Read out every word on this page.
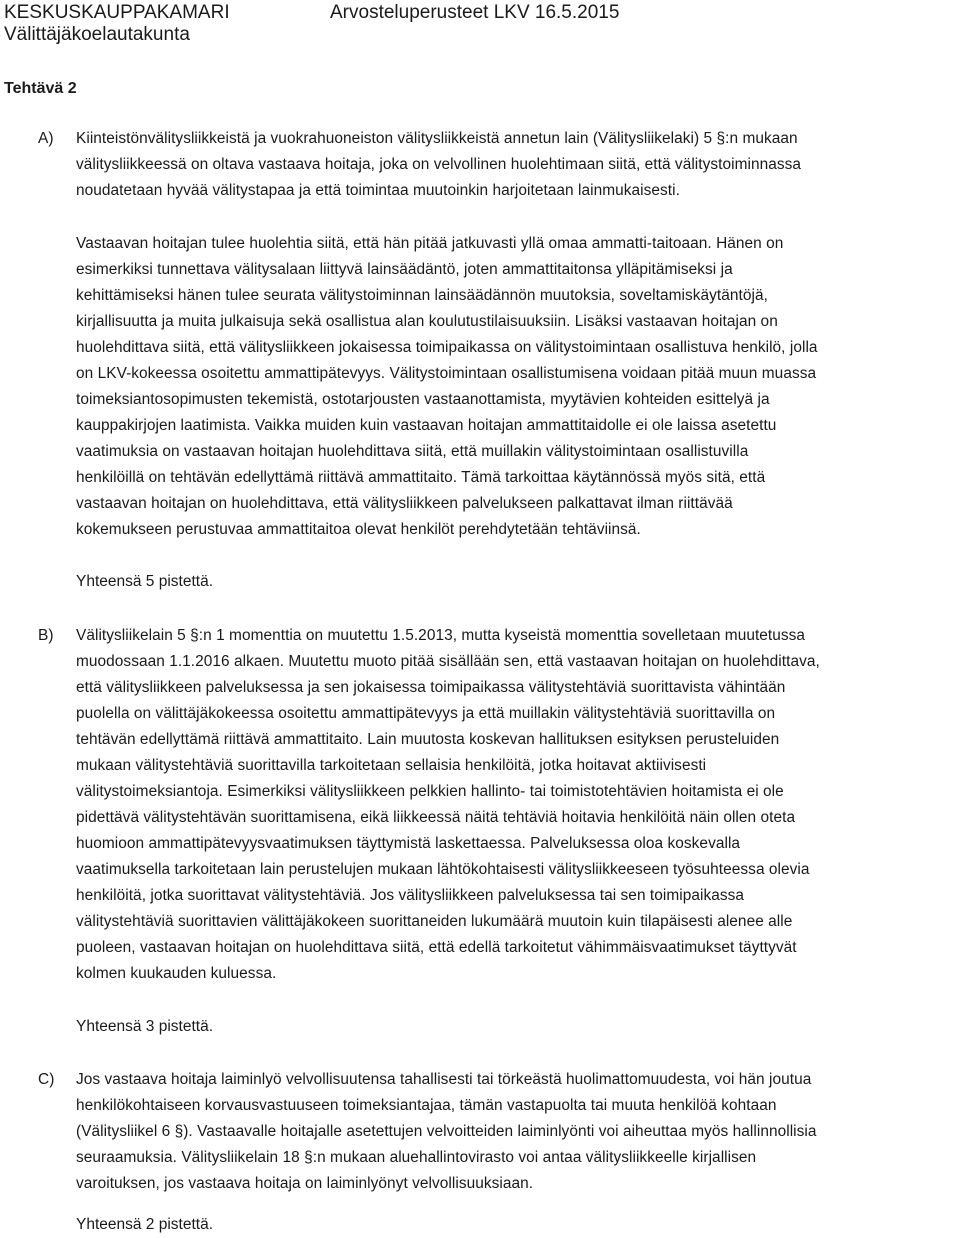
KESKUSKAUPPAKAMARI
Välittäjäkoelautakunta
Arvosteluperusteet LKV 16.5.2015
Tehtävä 2
A) Kiinteistönvälitysliikkeistä ja vuokrahuoneiston välitysliikkeistä annetun lain (Välitysliikelaki) 5 §:n mukaan
välitysliikkeessä on oltava vastaava hoitaja, joka on velvollinen huolehtimaan siitä, että välitystoiminnassa
noudatetaan hyvää välitystapaa ja että toimintaa muutoinkin harjoitetaan lainmukaisesti.
Vastaavan hoitajan tulee huolehtia siitä, että hän pitää jatkuvasti yllä omaa ammatti-taitoaan. Hänen on
esimerkiksi tunnettava välitysalaan liittyvä lainsäädäntö, joten ammattitaitonsa ylläpitämiseksi ja
kehittämiseksi hänen tulee seurata välitystoiminnan lainsäädännön muutoksia, soveltamiskäytäntöjä,
kirjallisuutta ja muita julkaisuja sekä osallistua alan koulutustilaisuuksiin. Lisäksi vastaavan hoitajan on
huolehdittava siitä, että välitysliikkeen jokaisessa toimipaikassa on välitystoimintaan osallistuva henkilö, jolla
on LKV-kokeessa osoitettu ammattipätevyys. Välitystoimintaan osallistumisena voidaan pitää muun muassa
toimeksiantosopimusten tekemistä, ostotarjousten vastaanottamista, myytävien kohteiden esittelyä ja
kauppakirjojen laatimista. Vaikka muiden kuin vastaavan hoitajan ammattitaidolle ei ole laissa asetettu
vaatimuksia on vastaavan hoitajan huolehdittava siitä, että muillakin välitystoimintaan osallistuvilla
henkilöillä on tehtävän edellyttämä riittävä ammattitaito. Tämä tarkoittaa käytännössä myös sitä, että
vastaavan hoitajan on huolehdittava, että välitysliikkeen palvelukseen palkattavat ilman riittävää
kokemukseen perustuvaa ammattitaitoa olevat henkilöt perehdytetään tehtäviinsä.
Yhteensä 5 pistettä.
B) Välitysliikelain 5 §:n 1 momenttia on muutettu 1.5.2013, mutta kyseistä momenttia sovelletaan muutetussa
muodossaan 1.1.2016 alkaen. Muutettu muoto pitää sisällään sen, että vastaavan hoitajan on huolehdittava,
että välitysliikkeen palveluksessa ja sen jokaisessa toimipaikassa välitystehtäviä suorittavista vähintään
puolella on välittäjäkokeessa osoitettu ammattipätevyys ja että muillakin välitystehtäviä suorittavilla on
tehtävän edellyttämä riittävä ammattitaito. Lain muutosta koskevan hallituksen esityksen perusteluiden
mukaan välitystehtäviä suorittavilla tarkoitetaan sellaisia henkilöitä, jotka hoitavat aktiivisesti
välitystoimeksiantoja. Esimerkiksi välitysliikkeen pelkkien hallinto- tai toimistotehtävien hoitamista ei ole
pidettävä välitystehtävän suorittamisena, eikä liikkeessä näitä tehtäviä hoitavia henkilöitä näin ollen oteta
huomioon ammattipätevyysvaatimuksen täyttymistä laskettaessa. Palveluksessa oloa koskevalla
vaatimuksella tarkoitetaan lain perustelujen mukaan lähtökohtaisesti välitysliikkeeseen työsuhteessa olevia
henkilöitä, jotka suorittavat välitystehtäviä. Jos välitysliikkeen palveluksessa tai sen toimipaikassa
välitystehtäviä suorittavien välittäjäkokeen suorittaneiden lukumäärä muutoin kuin tilapäisesti alenee alle
puoleen, vastaavan hoitajan on huolehdittava siitä, että edellä tarkoitetut vähimmäisvaatimukset täyttyvät
kolmen kuukauden kuluessa.
Yhteensä 3 pistettä.
C) Jos vastaava hoitaja laiminlyö velvollisuutensa tahallisesti tai törkeästä huolimattomuudesta, voi hän joutua
henkilökohtaiseen korvausvastuuseen toimeksiantajaa, tämän vastapuolta tai muuta henkilöä kohtaan
(Välitysliikel 6 §). Vastaavalle hoitajalle asetettujen velvoitteiden laiminlyönti voi aiheuttaa myös hallinnollisia
seuraamuksia. Välitysliikelain 18 §:n mukaan aluehallintovirasto voi antaa välitysliikkeelle kirjallisen
varoituksen, jos vastaava hoitaja on laiminlyönyt velvollisuuksiaan.
Yhteensä 2 pistettä.
